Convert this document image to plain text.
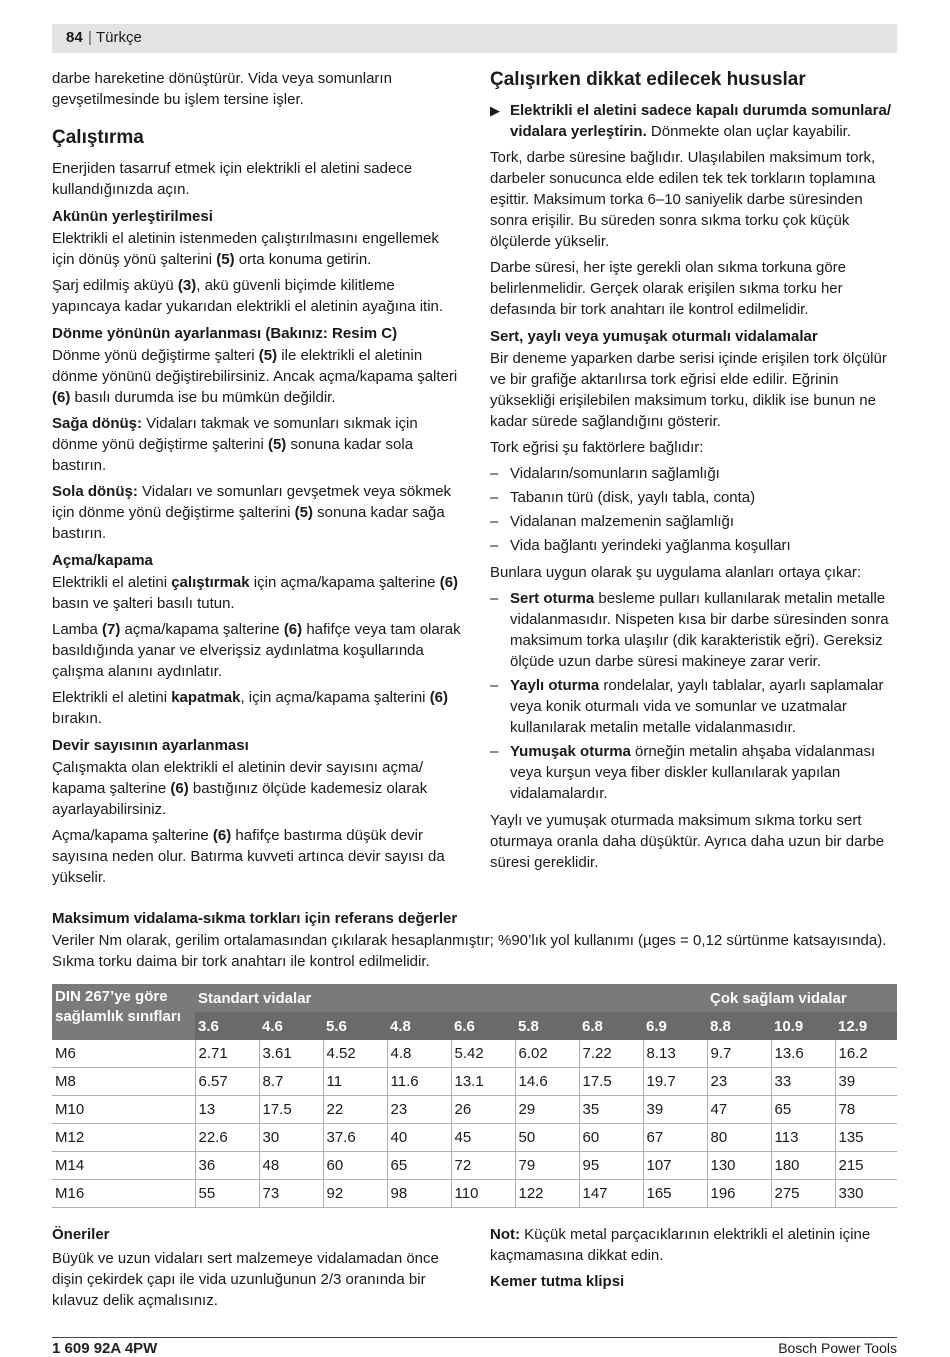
84 | Türkçe

darbe hareketine dönüştürür. Vida veya somunların gevşetilmesinde bu işlem tersine işler.

Çalıştırma

Enerjiden tasarruf etmek için elektrikli el aletini sadece kullandığınızda açın.

Akünün yerleştirilmesi

Elektrikli el aletinin istenmeden çalıştırılmasını engellemek için dönüş yönü şalterini (5) orta konuma getirin.

Şarj edilmiş aküyü (3), akü güvenli biçimde kilitleme yapıncaya kadar yukarıdan elektrikli el aletinin ayağına itin.

Dönme yönünün ayarlanması (Bakınız: Resim C)

Dönme yönü değiştirme şalteri (5) ile elektrikli el aletinin dönme yönünü değiştirebilirsiniz. Ancak açma/kapama şalteri (6) basılı durumda ise bu mümkün değildir.

Sağa dönüş: Vidaları takmak ve somunları sıkmak için dönme yönü değiştirme şalterini (5) sonuna kadar sola bastırın.

Sola dönüş: Vidaları ve somunları gevşetmek veya sökmek için dönme yönü değiştirme şalterini (5) sonuna kadar sağa bastırın.

Açma/kapama

Elektrikli el aletini çalıştırmak için açma/kapama şalterine (6) basın ve şalteri basılı tutun.

Lamba (7) açma/kapama şalterine (6) hafifçe veya tam olarak basıldığında yanar ve elverişsiz aydınlatma koşullarında çalışma alanını aydınlatır.

Elektrikli el aletini kapatmak, için açma/kapama şalterini (6) bırakın.

Devir sayısının ayarlanması

Çalışmakta olan elektrikli el aletinin devir sayısını açma/ kapama şalterine (6) bastığınız ölçüde kademesiz olarak ayarlayabilirsiniz.

Açma/kapama şalterine (6) hafifçe bastırma düşük devir sayısına neden olur. Batırma kuvveti artınca devir sayısı da yükselir.

Çalışırken dikkat edilecek hususlar

▶ Elektrikli el aletini sadece kapalı durumda somunlara/ vidalara yerleştirin. Dönmekte olan uçlar kayabilir.

Tork, darbe süresine bağlıdır. Ulaşılabilen maksimum tork, darbeler sonucunca elde edilen tek tek torkların toplamına eşittir. Maksimum torka 6–10 saniyelik darbe süresinden sonra erişilir. Bu süreden sonra sıkma torku çok küçük ölçülerde yükselir.

Darbe süresi, her işte gerekli olan sıkma torkuna göre belirlenmelidir. Gerçek olarak erişilen sıkma torku her defasında bir tork anahtarı ile kontrol edilmelidir.

Sert, yaylı veya yumuşak oturmalı vidalamalar

Bir deneme yaparken darbe serisi içinde erişilen tork ölçülür ve bir grafiğe aktarılırsa tork eğrisi elde edilir. Eğrinin yüksekliği erişilebilen maksimum torku, diklik ise bunun ne kadar sürede sağlandığını gösterir.

Tork eğrisi şu faktörlere bağlıdır:

– Vidaların/somunların sağlamlığı
– Tabanın türü (disk, yaylı tabla, conta)
– Vidalanan malzemenin sağlamlığı
– Vida bağlantı yerindeki yağlanma koşulları

Bunlara uygun olarak şu uygulama alanları ortaya çıkar:

– Sert oturma besleme pulları kullanılarak metalin metalle vidalanmasıdır. Nispeten kısa bir darbe süresinden sonra maksimum torka ulaşılır (dik karakteristik eğri). Gereksiz ölçüde uzun darbe süresi makineye zarar verir.
– Yaylı oturma rondelalar, yaylı tablalar, ayarlı saplamalar veya konik oturmalı vida ve somunlar ve uzatmalar kullanılarak metalin metalle vidalanmasıdır.
– Yumuşak oturma örneğin metalin ahşaba vidalanması veya kurşun veya fiber diskler kullanılarak yapılan vidalamalardır.

Yaylı ve yumuşak oturmada maksimum sıkma torku sert oturmaya oranla daha düşüktür. Ayrıca daha uzun bir darbe süresi gereklidir.

Maksimum vidalama-sıkma torkları için referans değerler

Veriler Nm olarak, gerilim ortalamasından çıkılarak hesaplanmıştır; %90’lık yol kullanımı (µges = 0,12 sürtünme katsayısında).

Sıkma torku daima bir tork anahtarı ile kontrol edilmelidir.

DIN 267’ye göre sağlamlık sınıfları	Standart vidalar								Çok sağlam vidalar		
	3.6	4.6	5.6	4.8	6.6	5.8	6.8	6.9	8.8	10.9	12.9
M6	2.71	3.61	4.52	4.8	5.42	6.02	7.22	8.13	9.7	13.6	16.2
M8	6.57	8.7	11	11.6	13.1	14.6	17.5	19.7	23	33	39
M10	13	17.5	22	23	26	29	35	39	47	65	78
M12	22.6	30	37.6	40	45	50	60	67	80	113	135
M14	36	48	60	65	72	79	95	107	130	180	215
M16	55	73	92	98	110	122	147	165	196	275	330
Öneriler

Büyük ve uzun vidaları sert malzemeye vidalamadan önce dişin çekirdek çapı ile vida uzunluğunun 2/3 oranında bir kılavuz delik açmalısınız.

Not: Küçük metal parçacıklarının elektrikli el aletinin içine kaçmamasına dikkat edin.

Kemer tutma klipsi
1 609 92A 4PW	Bosch Power Tools
